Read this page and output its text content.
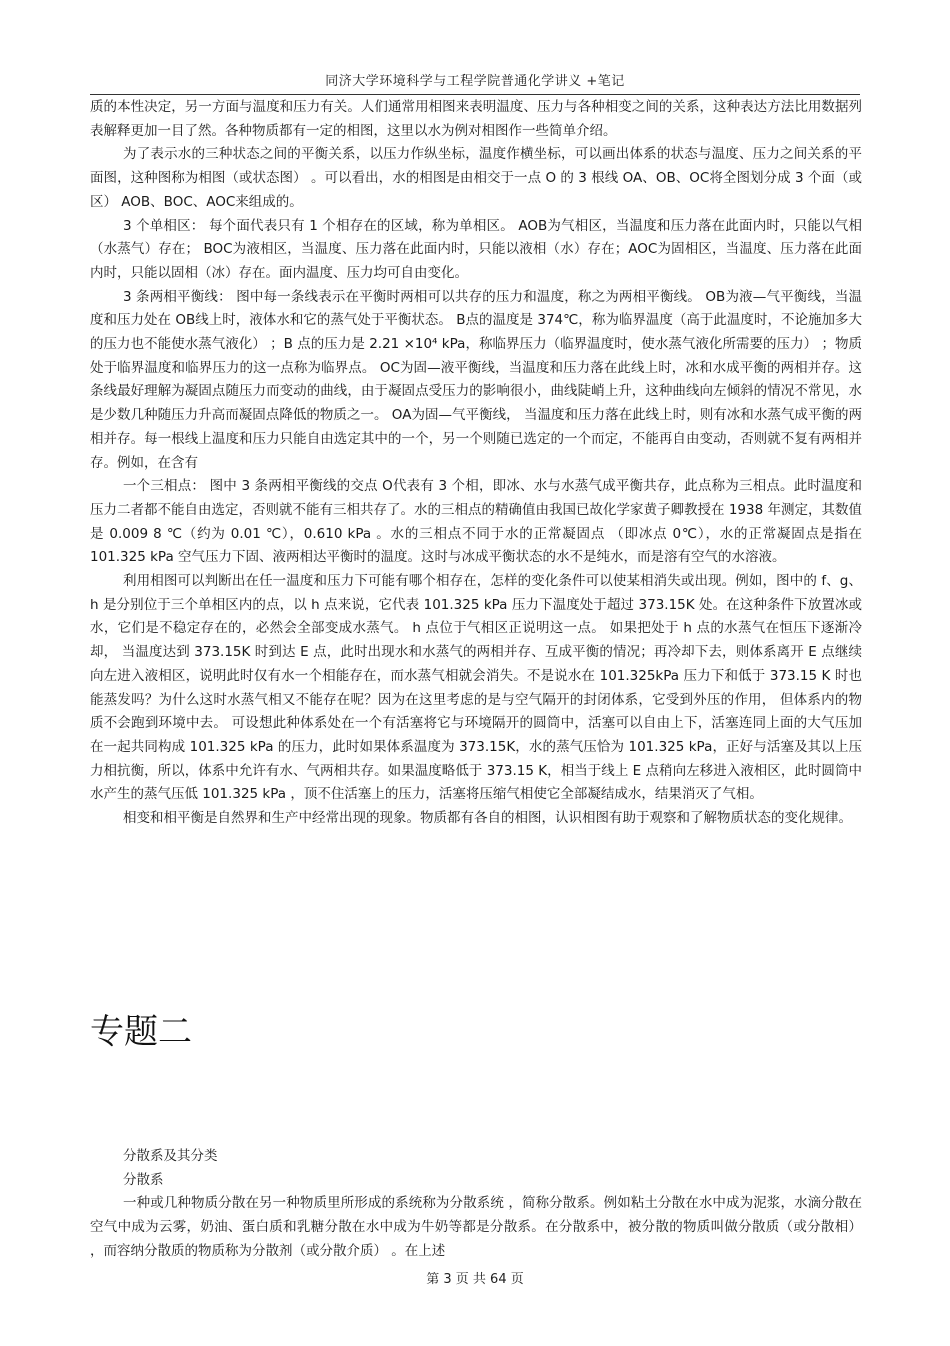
同济大学环境科学与工程学院普通化学讲义 +笔记

质的本性决定，另一方面与温度和压力有关。人们通常用相图来表明温度、压力与各种相变之间的关系，这种表达方法比用数据列表解释更加一目了然。各种物质都有一定的相图，这里以水为例对相图作一些简单介绍。

为了表示水的三种状态之间的平衡关系，以压力作纵坐标，温度作横坐标，可以画出体系的状态与温度、压力之间关系的平面图，这种图称为相图（或状态图） 。可以看出，水的相图是由相交于一点 O 的 3 根线 OA、OB、OC将全图划分成 3 个面（或区） AOB、BOC、AOC来组成的。

3 个单相区： 每个面代表只有 1 个相存在的区域，称为单相区。 AOB为气相区，当温度和压力落在此面内时，只能以气相（水蒸气）存在； BOC为液相区，当温度、压力落在此面内时，只能以液相（水）存在；AOC为固相区，当温度、压力落在此面内时，只能以固相（冰）存在。面内温度、压力均可自由变化。

3 条两相平衡线： 图中每一条线表示在平衡时两相可以共存的压力和温度，称之为两相平衡线。 OB为液—气平衡线，当温度和压力处在 OB线上时，液体水和它的蒸气处于平衡状态。 B点的温度是 374℃，称为临界温度（高于此温度时，不论施加多大的压力也不能使水蒸气液化） ；B 点的压力是 2.21 ×10⁴ kPa，称临界压力（临界温度时，使水蒸气液化所需要的压力） ；物质处于临界温度和临界压力的这一点称为临界点。 OC为固—液平衡线，当温度和压力落在此线上时，冰和水成平衡的两相并存。这条线最好理解为凝固点随压力而变动的曲线，由于凝固点受压力的影响很小，曲线陡峭上升，这种曲线向左倾斜的情况不常见，水是少数几种随压力升高而凝固点降低的物质之一。 OA为固—气平衡线， 当温度和压力落在此线上时，则有冰和水蒸气成平衡的两相并存。每一根线上温度和压力只能自由选定其中的一个，另一个则随已选定的一个而定，不能再自由变动，否则就不复有两相并存。例如，在含有

一个三相点： 图中 3 条两相平衡线的交点 O代表有 3 个相，即冰、水与水蒸气成平衡共存，此点称为三相点。此时温度和压力二者都不能自由选定，否则就不能有三相共存了。水的三相点的精确值由我国已故化学家黄子卿教授在 1938 年测定，其数值是 0.009 8 ℃（约为 0.01 ℃），0.610 kPa 。水的三相点不同于水的正常凝固点 （即冰点 0℃），水的正常凝固点是指在 101.325 kPa 空气压力下固、液两相达平衡时的温度。这时与冰成平衡状态的水不是纯水，而是溶有空气的水溶液。

利用相图可以判断出在任一温度和压力下可能有哪个相存在，怎样的变化条件可以使某相消失或出现。例如，图中的 f、g、h 是分别位于三个单相区内的点，以 h 点来说，它代表 101.325 kPa 压力下温度处于超过 373.15K 处。在这种条件下放置冰或水，它们是不稳定存在的，必然会全部变成水蒸气。 h 点位于气相区正说明这一点。 如果把处于 h 点的水蒸气在恒压下逐渐冷却， 当温度达到 373.15K 时到达 E 点，此时出现水和水蒸气的两相并存、互成平衡的情况；再冷却下去，则体系离开 E 点继续向左进入液相区，说明此时仅有水一个相能存在，而水蒸气相就会消失。不是说水在 101.325kPa 压力下和低于 373.15 K 时也能蒸发吗？为什么这时水蒸气相又不能存在呢？因为在这里考虑的是与空气隔开的封闭体系，它受到外压的作用， 但体系内的物质不会跑到环境中去。 可设想此种体系处在一个有活塞将它与环境隔开的圆筒中，活塞可以自由上下，活塞连同上面的大气压加在一起共同构成 101.325 kPa 的压力，此时如果体系温度为 373.15K，水的蒸气压恰为 101.325 kPa，正好与活塞及其以上压力相抗衡，所以，体系中允许有水、气两相共存。如果温度略低于 373.15 K，相当于线上 E 点稍向左移进入液相区，此时圆筒中水产生的蒸气压低 101.325 kPa ，顶不住活塞上的压力，活塞将压缩气相使它全部凝结成水，结果消灭了气相。

相变和相平衡是自然界和生产中经常出现的现象。物质都有各自的相图，认识相图有助于观察和了解物质状态的变化规律。

专题二

分散系及其分类

分散系

一种或几种物质分散在另一种物质里所形成的系统称为分散系统 ，简称分散系。例如粘土分散在水中成为泥浆，水滴分散在空气中成为云雾，奶油、蛋白质和乳糖分散在水中成为牛奶等都是分散系。在分散系中，被分散的物质叫做分散质（或分散相） ，而容纳分散质的物质称为分散剂（或分散介质） 。在上述

第 3 页 共 64 页
